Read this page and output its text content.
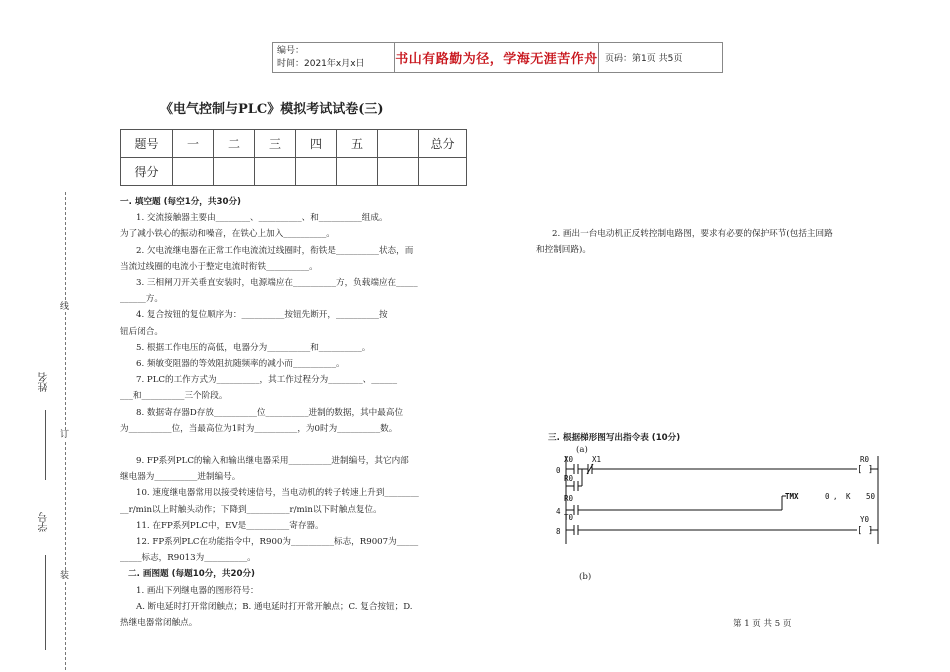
编号：
时间：2021年x月x日	书山有路勤为径，学海无涯苦作舟 页码：第1页 共5页
《电气控制与PLC》模拟考试试卷(三)
题号	一	二	三	四	五		总分
得分							
线
订
装
姓名
学号
一. 填空题 (每空1分，共30分)
1. 交流接触器主要由________、__________、和__________组成。
为了减小铁心的振动和噪音，在铁心上加入__________。
2. 欠电流继电器在正常工作电流流过线圈时，衔铁是__________状态，而
当流过线圈的电流小于整定电流时衔铁__________。
3. 三相闸刀开关垂直安装时，电源端应在__________方，负载端应在_____
______方。
4. 复合按钮的复位顺序为：__________按钮先断开，__________按
钮后闭合。
5. 根据工作电压的高低，电器分为__________和__________。
6. 频敏变阻器的等效阻抗随频率的减小而__________。
7. PLC的工作方式为__________，其工作过程分为________、______
___和__________三个阶段。
8. 数据寄存器D存放__________位__________进制的数据，其中最高位
为__________位，当最高位为1时为__________，为0时为__________数。
9. FP系列PLC的输入和输出继电器采用__________进制编号，其它内部
继电器为__________进制编号。
10. 速度继电器常用以接受转速信号，当电动机的转子转速上升到________
__r/min以上时触头动作；下降到__________r/min以下时触点复位。
11. 在FP系列PLC中，EV是__________寄存器。
12. FP系列PLC在功能指令中，R900为__________标志，R9007为_____
_____标志，R9013为__________。
二. 画图题 (每题10分，共20分)
1. 画出下列继电器的图形符号：
A. 断电延时打开常闭触点；B. 通电延时打开常开触点；C. 复合按钮；D.
热继电器常闭触点。
2. 画出一台电动机正反转控制电路图，要求有必要的保护环节(包括主回路
和控制回路)。
三. 根据梯形图写出指令表 (10分)
(a)
(b)
0
4
8
X0	X1	R0
[ ]
R0
R0	TMX	0 , K 50
T0	Y0
[ ]
第 1 页 共 5 页
